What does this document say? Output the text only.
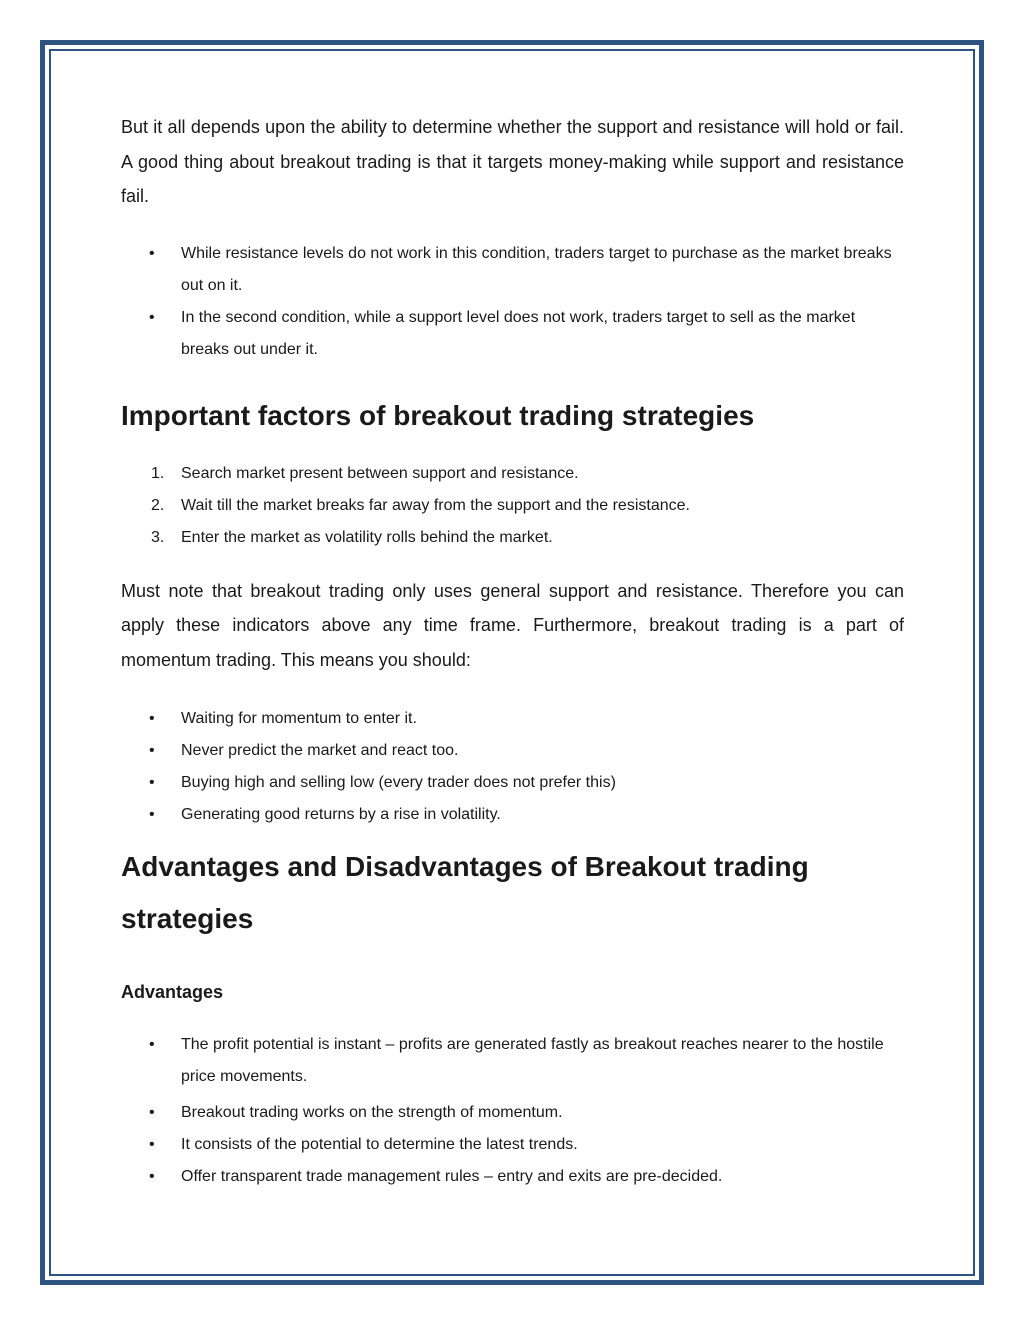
But it all depends upon the ability to determine whether the support and resistance will hold or fail. A good thing about breakout trading is that it targets money-making while support and resistance fail.

•	While resistance levels do not work in this condition, traders target to purchase as the market breaks out on it.
•	In the second condition, while a support level does not work, traders target to sell as the market breaks out under it.
Important factors of breakout trading strategies
1.	Search market present between support and resistance.
2.	Wait till the market breaks far away from the support and the resistance.
3.	Enter the market as volatility rolls behind the market.

Must note that breakout trading only uses general support and resistance. Therefore you can apply these indicators above any time frame. Furthermore, breakout trading is a part of momentum trading. This means you should:

•	Waiting for momentum to enter it.
•	Never predict the market and react too.
•	Buying high and selling low (every trader does not prefer this)
•	Generating good returns by a rise in volatility.
Advantages and Disadvantages of Breakout trading strategies
Advantages
•	The profit potential is instant – profits are generated fastly as breakout reaches nearer to the hostile price movements.
•	Breakout trading works on the strength of momentum.
•	It consists of the potential to determine the latest trends.
•	Offer transparent trade management rules – entry and exits are pre-decided.
